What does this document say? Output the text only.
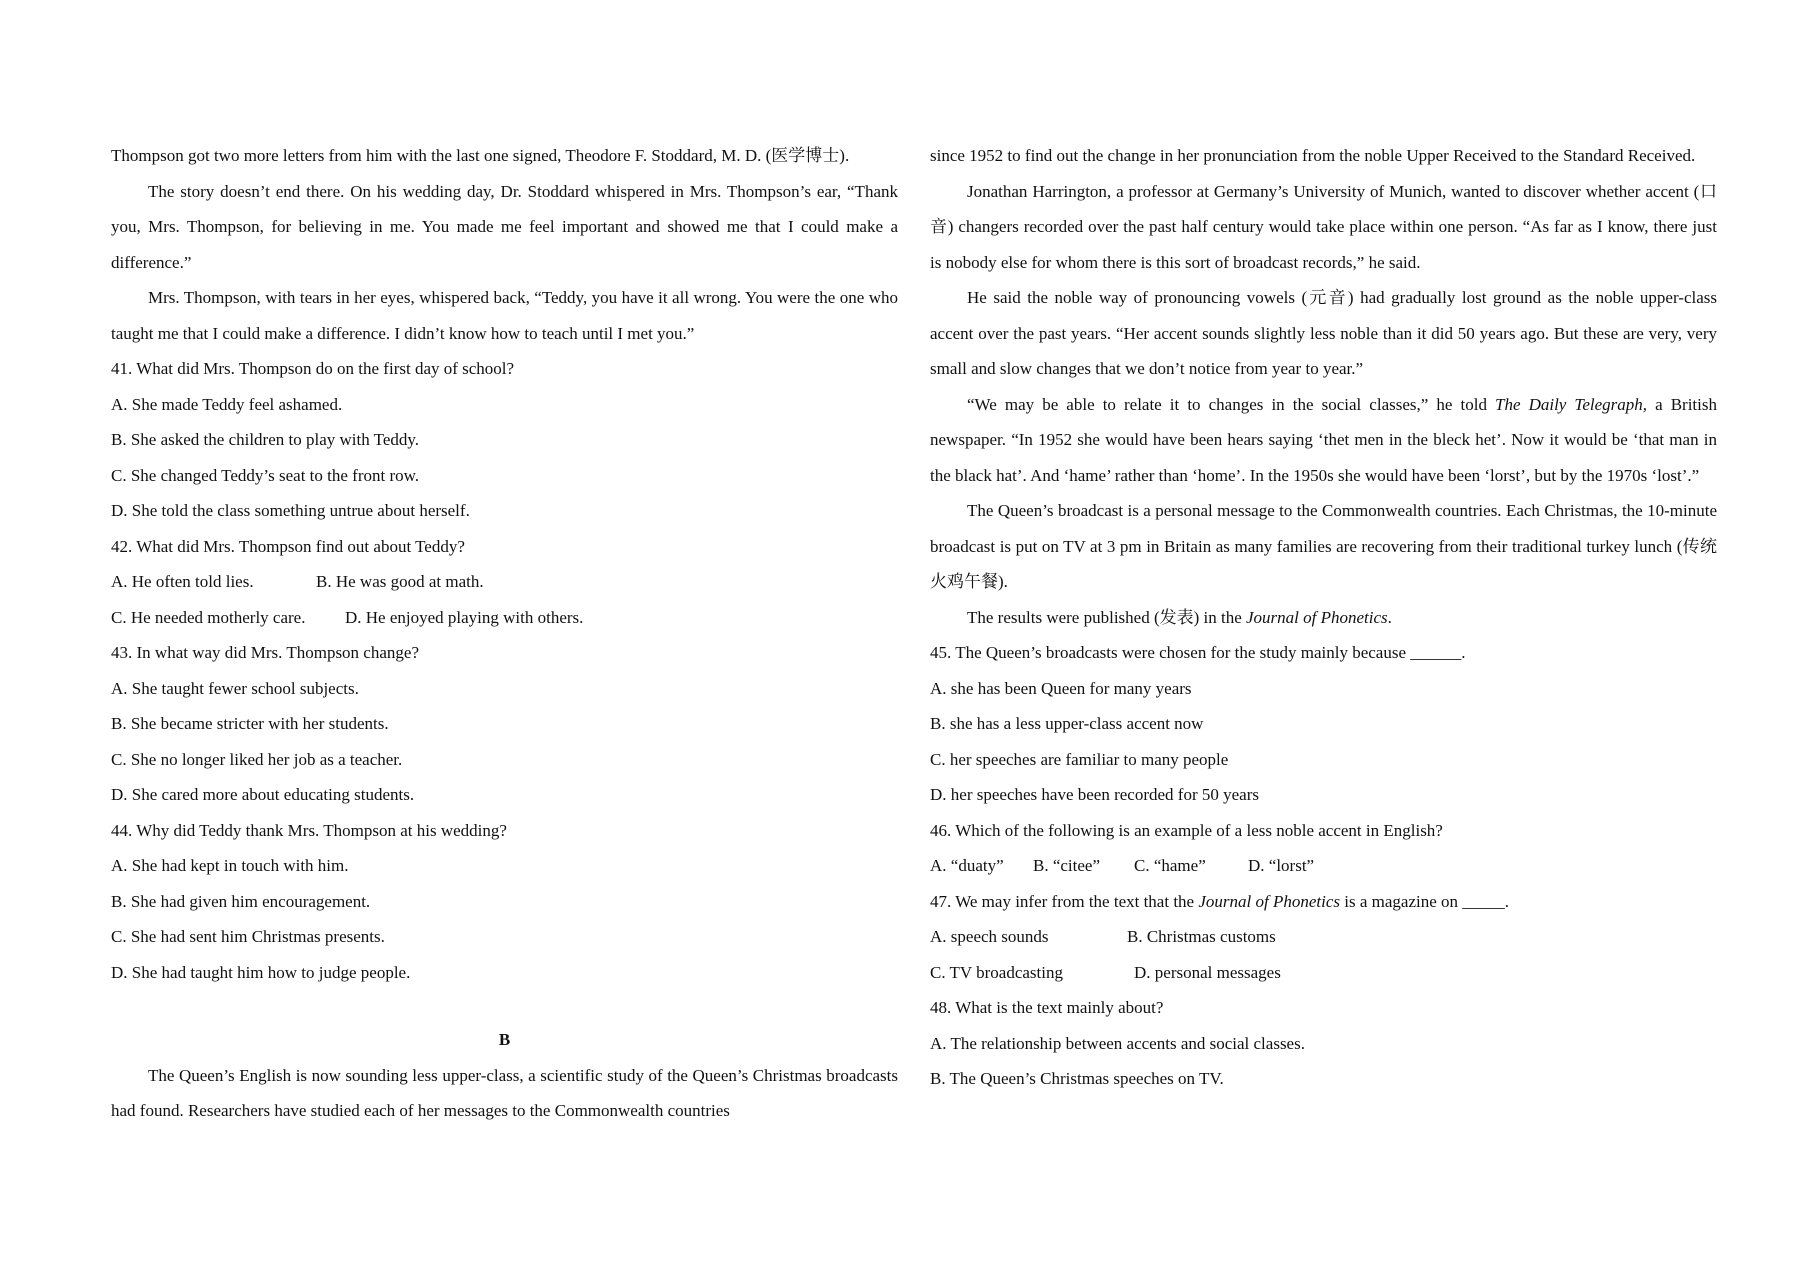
Thompson got two more letters from him with the last one signed, Theodore F. Stoddard, M. D. (医学博士).

The story doesn’t end there. On his wedding day, Dr. Stoddard whispered in Mrs. Thompson’s ear, “Thank you, Mrs. Thompson, for believing in me. You made me feel important and showed me that I could make a difference.”

Mrs. Thompson, with tears in her eyes, whispered back, “Teddy, you have it all wrong. You were the one who taught me that I could make a difference. I didn’t know how to teach until I met you.”

41. What did Mrs. Thompson do on the first day of school?

A. She made Teddy feel ashamed.

B. She asked the children to play with Teddy.

C. She changed Teddy’s seat to the front row.

D. She told the class something untrue about herself.

42. What did Mrs. Thompson find out about Teddy?

A. He often told lies.	B. He was good at math.

C. He needed motherly care. D. He enjoyed playing with others.

43. In what way did Mrs. Thompson change?

A. She taught fewer school subjects.

B. She became stricter with her students.

C. She no longer liked her job as a teacher.

D. She cared more about educating students.

44. Why did Teddy thank Mrs. Thompson at his wedding?

A. She had kept in touch with him.

B. She had given him encouragement.

C. She had sent him Christmas presents.

D. She had taught him how to judge people.

B

The Queen’s English is now sounding less upper-class, a scientific study of the Queen’s Christmas broadcasts had found. Researchers have studied each of her messages to the Commonwealth countries

since 1952 to find out the change in her pronunciation from the noble Upper Received to the Standard Received.

Jonathan Harrington, a professor at Germany’s University of Munich, wanted to discover whether accent (口音) changers recorded over the past half century would take place within one person. “As far as I know, there just is nobody else for whom there is this sort of broadcast records,” he said.

He said the noble way of pronouncing vowels (元音) had gradually lost ground as the noble upper-class accent over the past years. “Her accent sounds slightly less noble than it did 50 years ago. But these are very, very small and slow changes that we don’t notice from year to year.”

“We may be able to relate it to changes in the social classes,” he told The Daily Telegraph, a British newspaper. “In 1952 she would have been hears saying ‘thet men in the bleck het’. Now it would be ‘that man in the black hat’. And ‘hame’ rather than ‘home’. In the 1950s she would have been ‘lorst’, but by the 1970s ‘lost’.”

The Queen’s broadcast is a personal message to the Commonwealth countries. Each Christmas, the 10-minute broadcast is put on TV at 3 pm in Britain as many families are recovering from their traditional turkey lunch (传统火鸡午餐).

The results were published (发表) in the Journal of Phonetics.

45. The Queen’s broadcasts were chosen for the study mainly because ______.

A. she has been Queen for many years

B. she has a less upper-class accent now

C. her speeches are familiar to many people

D. her speeches have been recorded for 50 years

46. Which of the following is an example of a less noble accent in English?

A. “duaty” B. “citee” C. “hame” D. “lorst”

47. We may infer from the text that the Journal of Phonetics is a magazine on _____.

A. speech sounds	B. Christmas customs

C. TV broadcasting	D. personal messages

48. What is the text mainly about?

A. The relationship between accents and social classes.

B. The Queen’s Christmas speeches on TV.
